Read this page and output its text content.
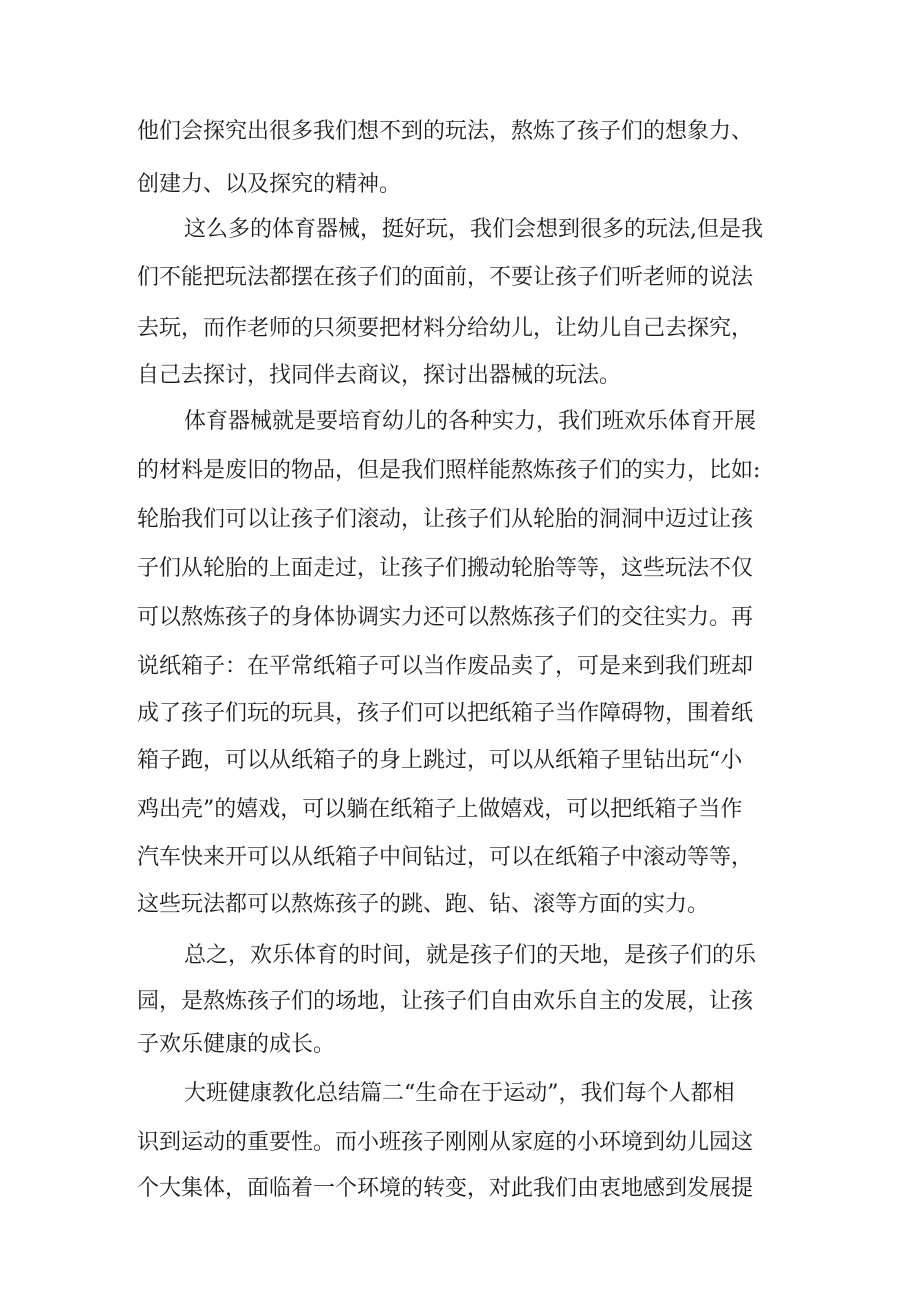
他们会探究出很多我们想不到的玩法，熬炼了孩子们的想象力、
创建力、以及探究的精神。
这么多的体育器械，挺好玩，我们会想到很多的玩法,但是我
们不能把玩法都摆在孩子们的面前，不要让孩子们听老师的说法
去玩，而作老师的只须要把材料分给幼儿，让幼儿自己去探究，
自己去探讨，找同伴去商议，探讨出器械的玩法。
体育器械就是要培育幼儿的各种实力，我们班欢乐体育开展
的材料是废旧的物品，但是我们照样能熬炼孩子们的实力，比如:
轮胎我们可以让孩子们滚动，让孩子们从轮胎的洞洞中迈过让孩
子们从轮胎的上面走过，让孩子们搬动轮胎等等，这些玩法不仅
可以熬炼孩子的身体协调实力还可以熬炼孩子们的交往实力。再
说纸箱子：在平常纸箱子可以当作废品卖了，可是来到我们班却
成了孩子们玩的玩具，孩子们可以把纸箱子当作障碍物，围着纸
箱子跑，可以从纸箱子的身上跳过，可以从纸箱子里钻出玩“小
鸡出壳”的嬉戏，可以躺在纸箱子上做嬉戏，可以把纸箱子当作
汽车快来开可以从纸箱子中间钻过，可以在纸箱子中滚动等等，
这些玩法都可以熬炼孩子的跳、跑、钻、滚等方面的实力。
总之，欢乐体育的时间，就是孩子们的天地，是孩子们的乐
园，是熬炼孩子们的场地，让孩子们自由欢乐自主的发展，让孩
子欢乐健康的成长。
大班健康教化总结篇二“生命在于运动”，我们每个人都相
识到运动的重要性。而小班孩子刚刚从家庭的小环境到幼儿园这
个大集体，面临着一个环境的转变，对此我们由衷地感到发展提
